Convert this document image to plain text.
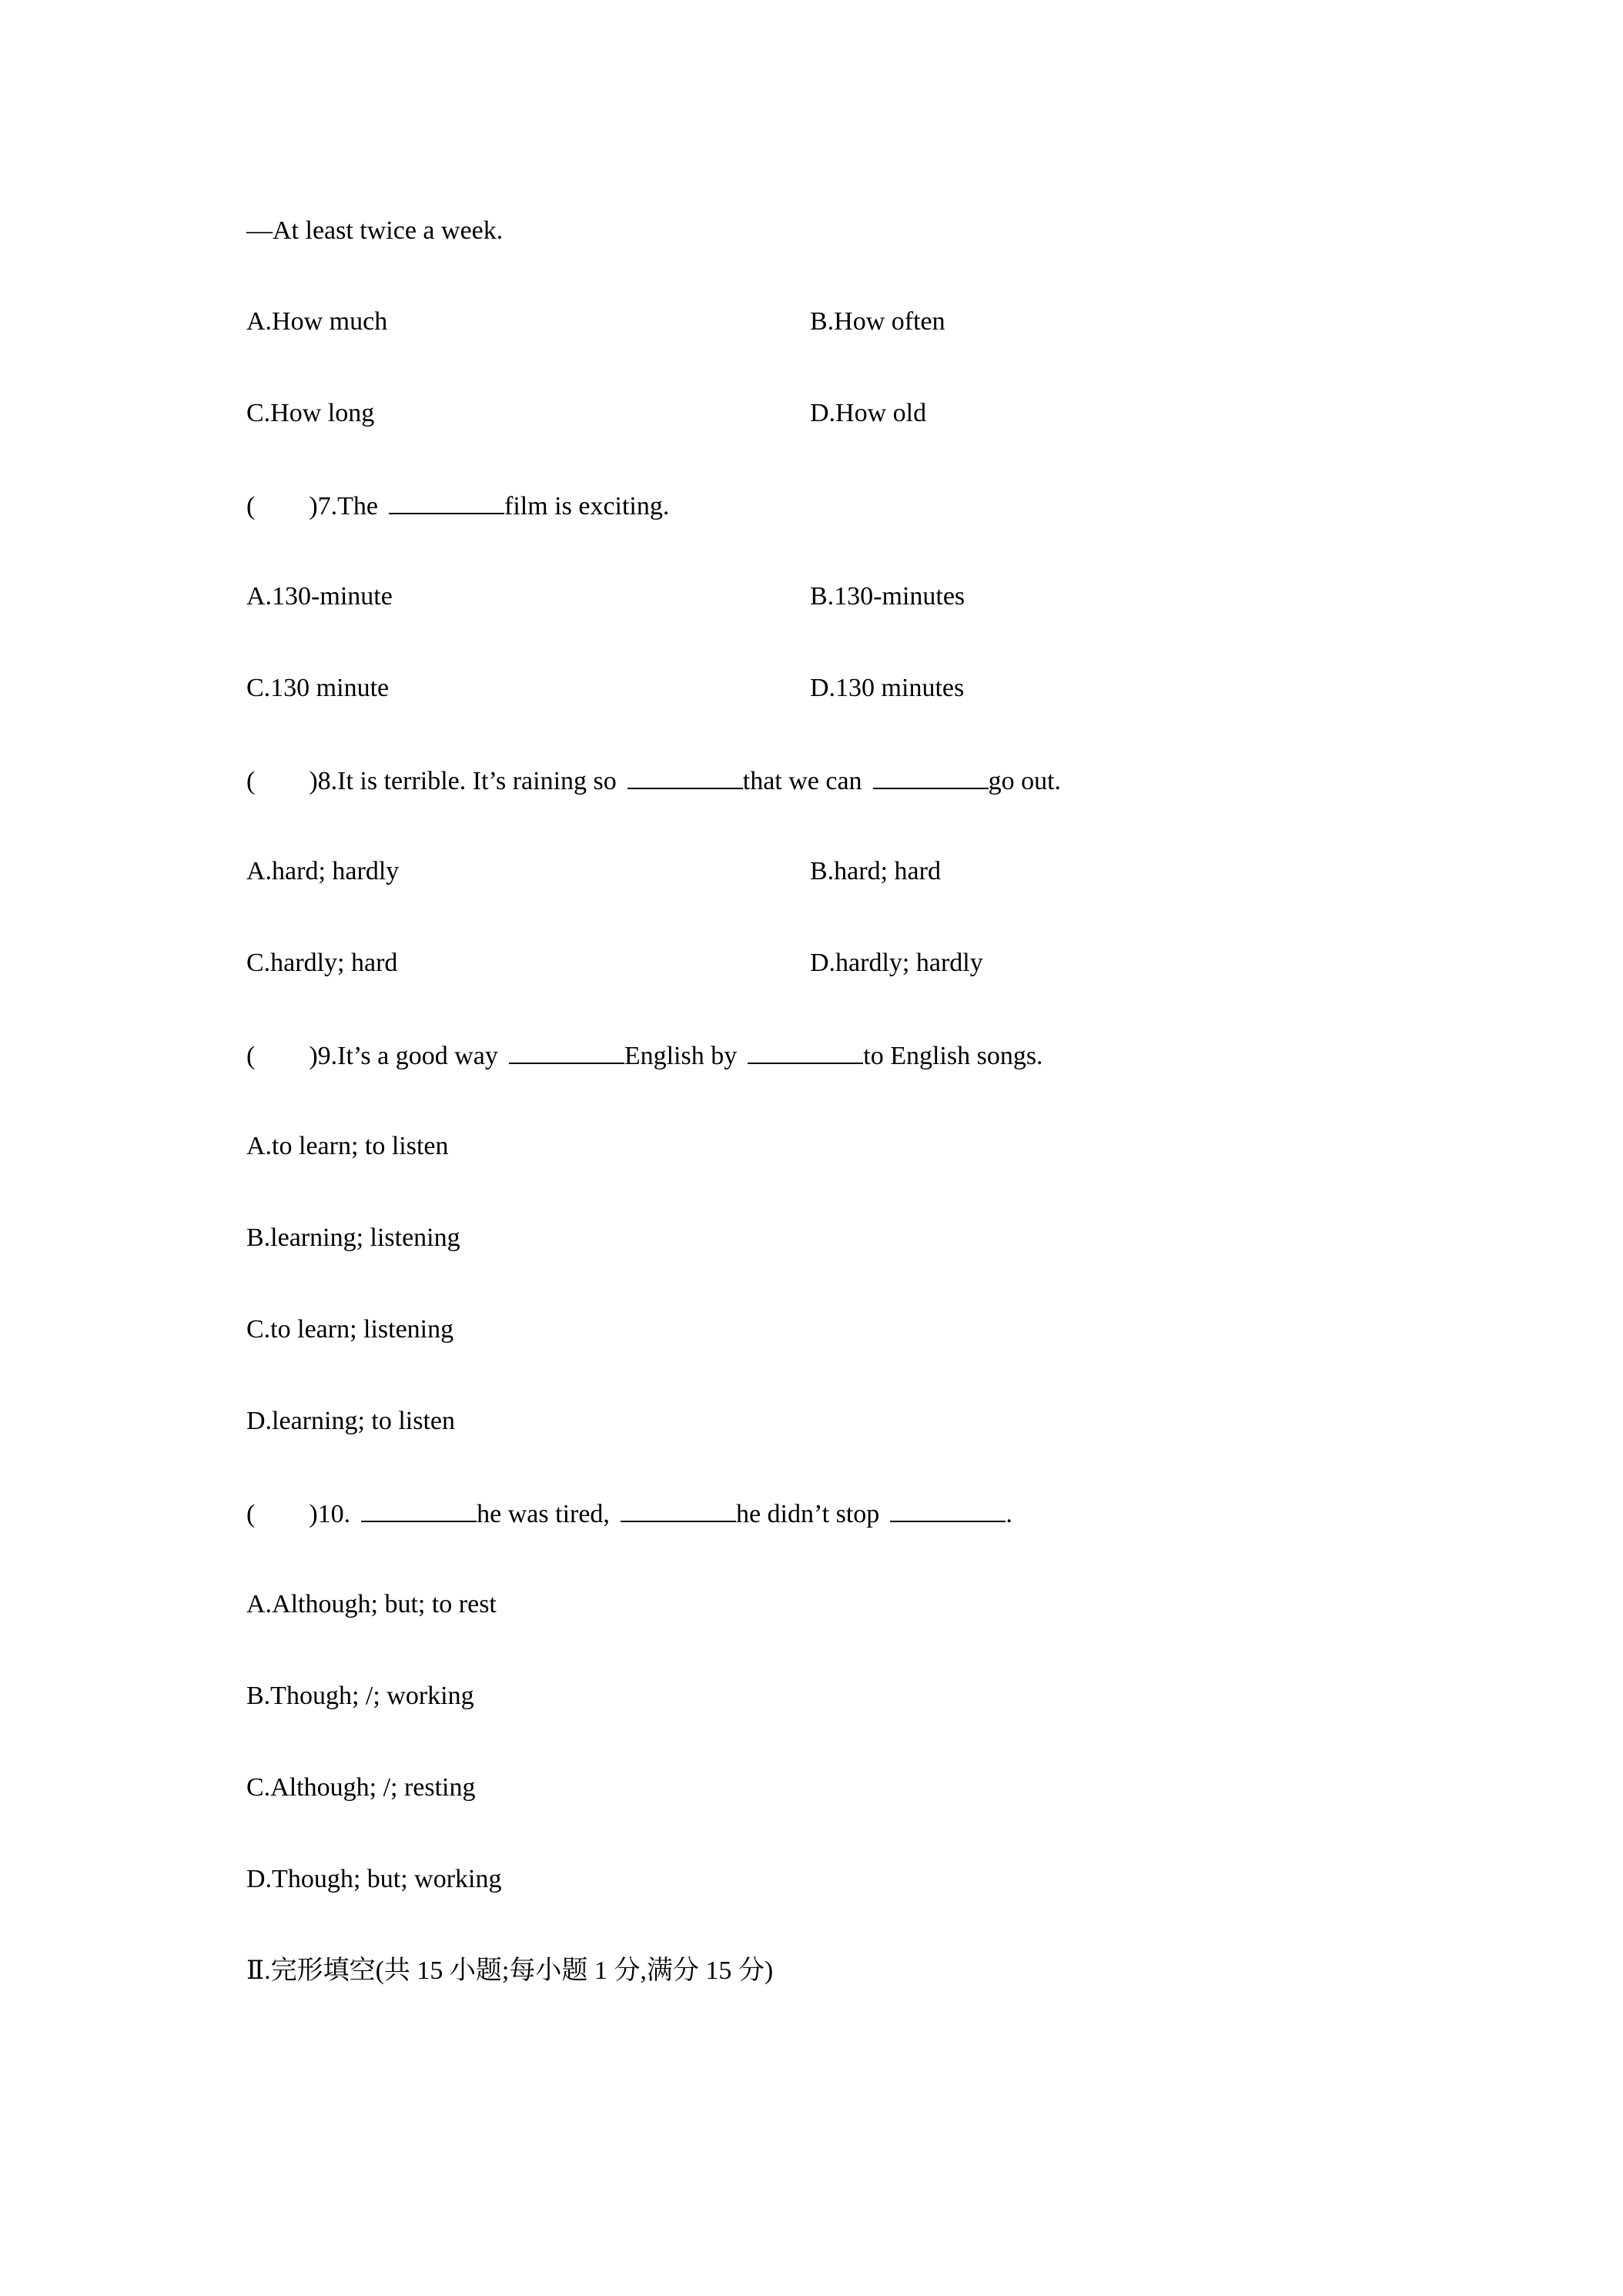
—At least twice a week.
A.How much	B.How often
C.How long	D.How old
( )7.The	film is exciting.
A.130-minute	B.130-minutes
C.130 minute	D.130 minutes
( )8.It is terrible. It’s raining so	that we can	go out.
A.hard; hardly	B.hard; hard
C.hardly; hard	D.hardly; hardly
( )9.It’s a good way	English by	to English songs.
A.to learn; to listen
B.learning; listening
C.to learn; listening
D.learning; to listen
( )10.	he was tired,	he didn’t stop	.
A.Although; but; to rest
B.Though; /; working
C.Although; /; resting
D.Though; but; working
Ⅱ.完形填空(共 15 小题;每小题 1 分,满分 15 分)
